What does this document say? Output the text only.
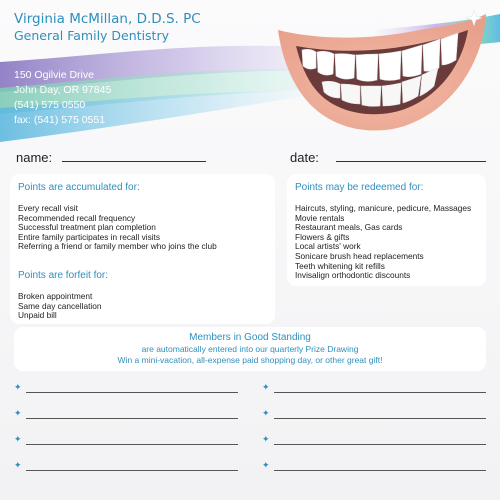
Virginia McMillan, D.D.S. PC
General Family Dentistry
150 Ogilvie Drive
John Day, OR 97845
(541) 575 0550
fax: (541) 575 0551
name:	date:
Points are accumulated for:
Every recall visit
Recommended recall frequency
Successful treatment plan completion
Entire family participates in recall visits
Referring a friend or family member who joins the club
Points are forfeit for:
Broken appointment
Same day cancellation
Unpaid bill
Points may be redeemed for:
Haircuts, styling, manicure, pedicure, Massages
Movie rentals
Restaurant meals, Gas cards
Flowers & gifts
Local artists' work
Sonicare brush head replacements
Teeth whitening kit refills
Invisalign orthodontic discounts
Members in Good Standing
are automatically entered into our quarterly Prize Drawing
Win a mini-vacation, all-expense paid shopping day, or other great gift!
✦
✦
✦
✦
✦
✦
✦
✦
